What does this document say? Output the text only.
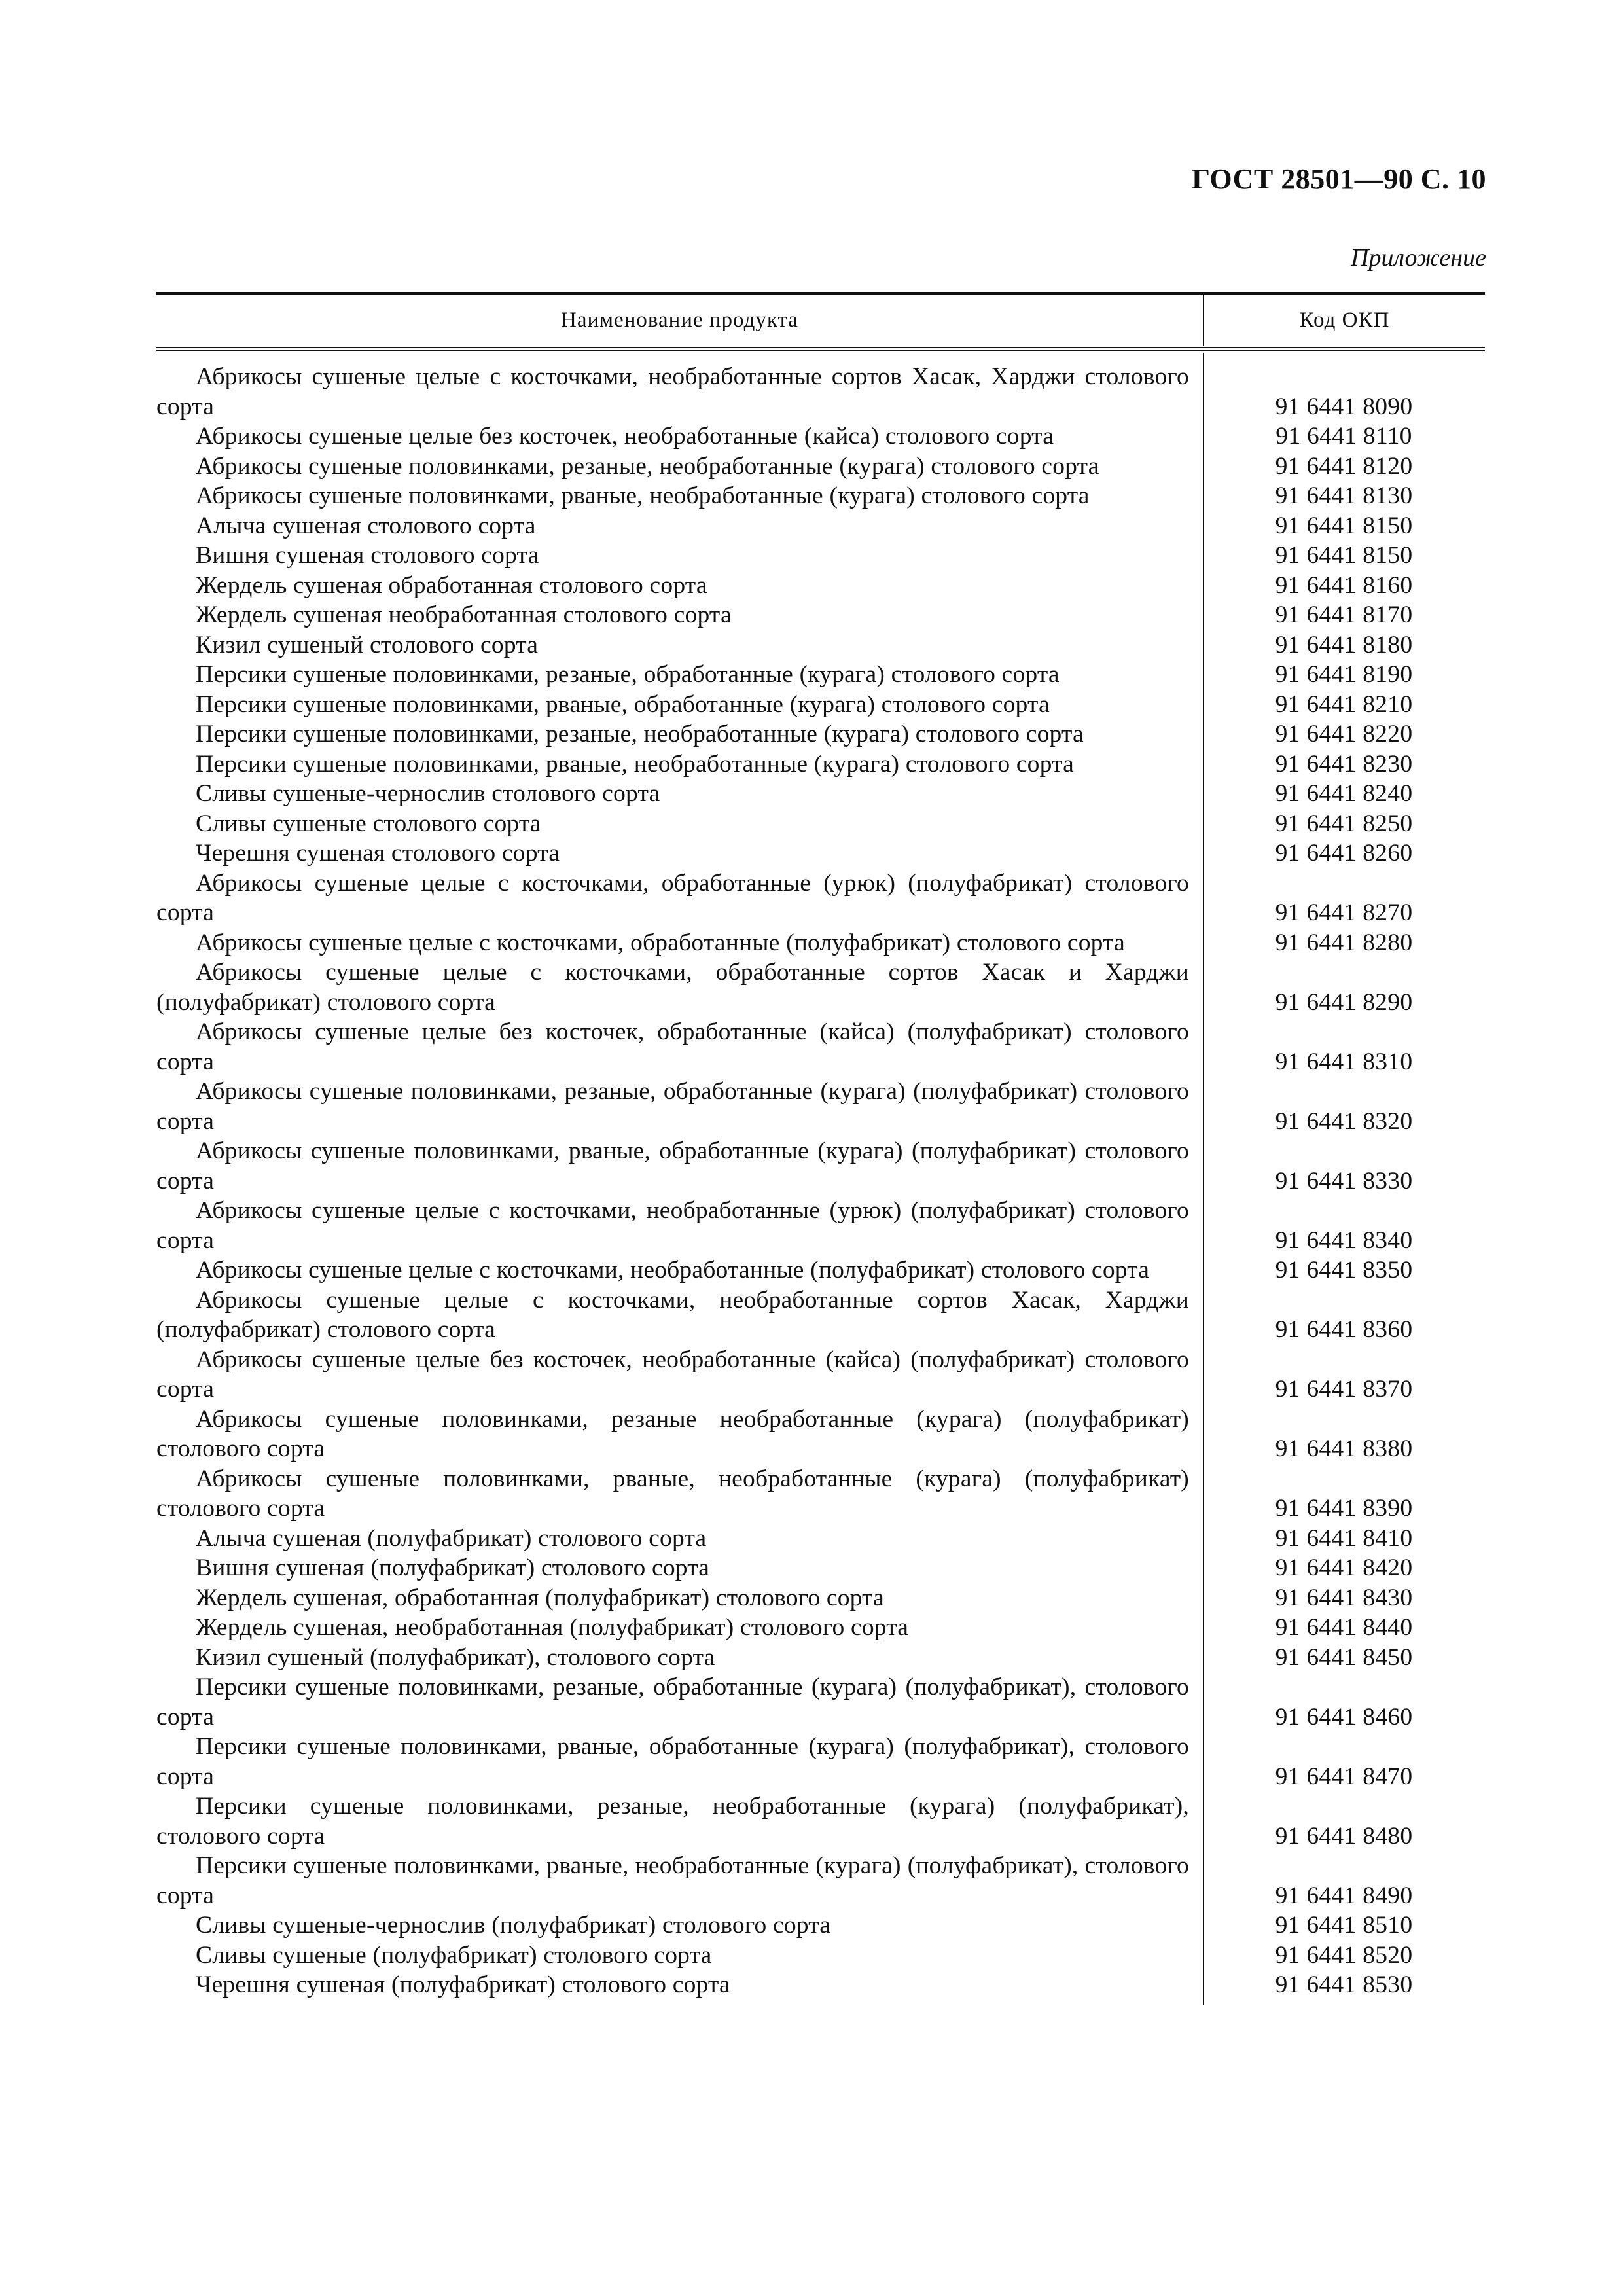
ГОСТ 28501—90 С. 10
Приложение
Наименование продукта	Код ОКП
Абрикосы сушеные целые с косточками, необработанные сортов Хасак, Харджи столового сорта	91 6441 8090
Абрикосы сушеные целые без косточек, необработанные (кайса) столового сорта	91 6441 8110
Абрикосы сушеные половинками, резаные, необработанные (курага) столового сорта	91 6441 8120
Абрикосы сушеные половинками, рваные, необработанные (курага) столового сорта	91 6441 8130
Алыча сушеная столового сорта	91 6441 8150
Вишня сушеная столового сорта	91 6441 8150
Жердель сушеная обработанная столового сорта	91 6441 8160
Жердель сушеная необработанная столового сорта	91 6441 8170
Кизил сушеный столового сорта	91 6441 8180
Персики сушеные половинками, резаные, обработанные (курага) столового сорта	91 6441 8190
Персики сушеные половинками, рваные, обработанные (курага) столового сорта	91 6441 8210
Персики сушеные половинками, резаные, необработанные (курага) столового сорта	91 6441 8220
Персики сушеные половинками, рваные, необработанные (курага) столового сорта	91 6441 8230
Сливы сушеные-чернослив столового сорта	91 6441 8240
Сливы сушеные столового сорта	91 6441 8250
Черешня сушеная столового сорта	91 6441 8260
Абрикосы сушеные целые с косточками, обработанные (урюк) (полуфабрикат) столового сорта	91 6441 8270
Абрикосы сушеные целые с косточками, обработанные (полуфабрикат) столового сорта	91 6441 8280
Абрикосы сушеные целые с косточками, обработанные сортов Хасак и Харджи (полуфабрикат) столового сорта	91 6441 8290
Абрикосы сушеные целые без косточек, обработанные (кайса) (полуфабрикат) столового сорта	91 6441 8310
Абрикосы сушеные половинками, резаные, обработанные (курага) (полуфабрикат) столового сорта	91 6441 8320
Абрикосы сушеные половинками, рваные, обработанные (курага) (полуфабрикат) столового сорта	91 6441 8330
Абрикосы сушеные целые с косточками, необработанные (урюк) (полуфабрикат) столового сорта	91 6441 8340
Абрикосы сушеные целые с косточками, необработанные (полуфабрикат) столового сорта	91 6441 8350
Абрикосы сушеные целые с косточками, необработанные сортов Хасак, Харджи (полуфабрикат) столового сорта	91 6441 8360
Абрикосы сушеные целые без косточек, необработанные (кайса) (полуфабрикат) столового сорта	91 6441 8370
Абрикосы сушеные половинками, резаные необработанные (курага) (полуфабрикат) столового сорта	91 6441 8380
Абрикосы сушеные половинками, рваные, необработанные (курага) (полуфабрикат) столового сорта	91 6441 8390
Алыча сушеная (полуфабрикат) столового сорта	91 6441 8410
Вишня сушеная (полуфабрикат) столового сорта	91 6441 8420
Жердель сушеная, обработанная (полуфабрикат) столового сорта	91 6441 8430
Жердель сушеная, необработанная (полуфабрикат) столового сорта	91 6441 8440
Кизил сушеный (полуфабрикат), столового сорта	91 6441 8450
Персики сушеные половинками, резаные, обработанные (курага) (полуфабрикат), столового сорта	91 6441 8460
Персики сушеные половинками, рваные, обработанные (курага) (полуфабрикат), столового сорта	91 6441 8470
Персики сушеные половинками, резаные, необработанные (курага) (полуфабрикат), столового сорта	91 6441 8480
Персики сушеные половинками, рваные, необработанные (курага) (полуфабрикат), столового сорта	91 6441 8490
Сливы сушеные-чернослив (полуфабрикат) столового сорта	91 6441 8510
Сливы сушеные (полуфабрикат) столового сорта	91 6441 8520
Черешня сушеная (полуфабрикат) столового сорта	91 6441 8530
